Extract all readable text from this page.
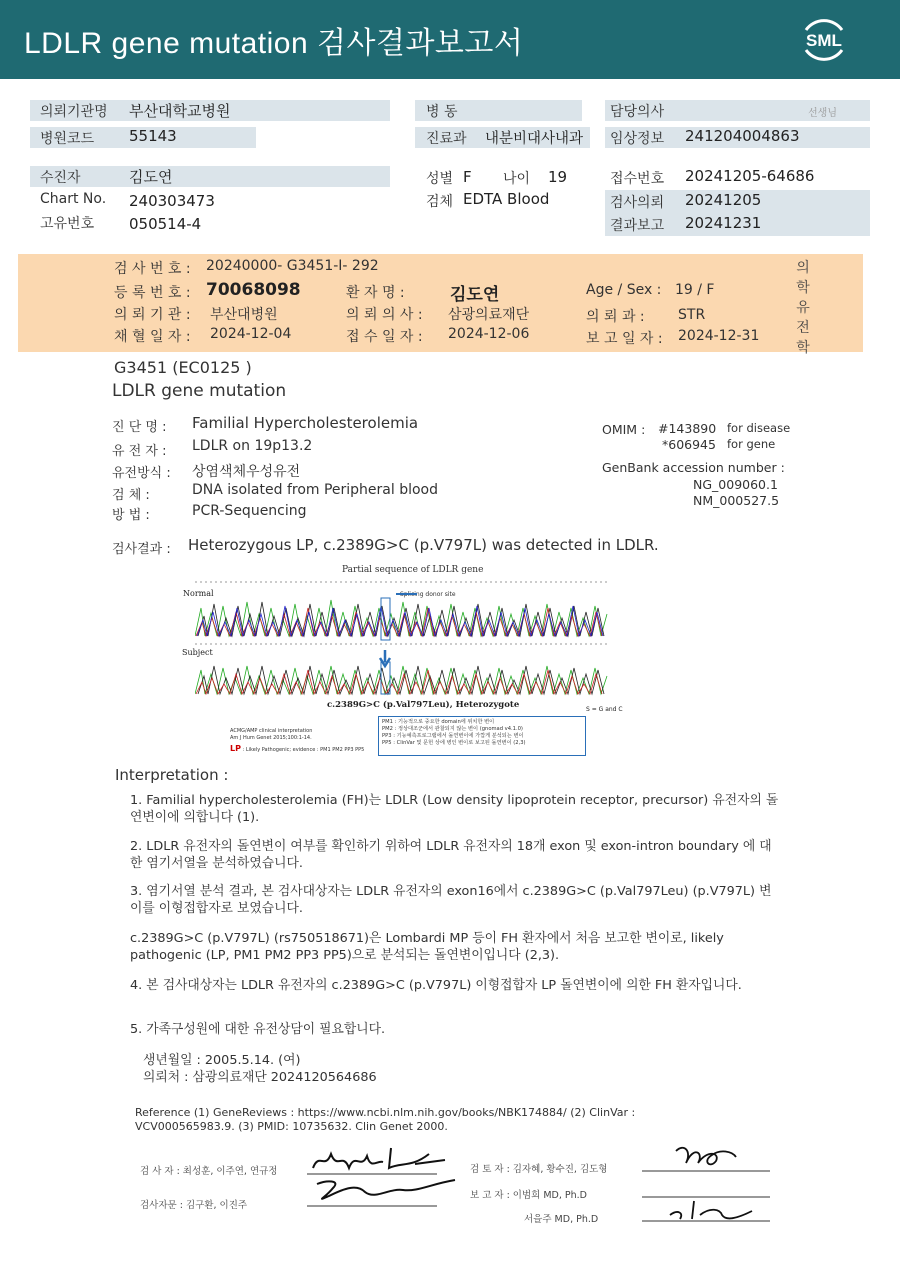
LDLR gene mutation 검사결과보고서	SML
의뢰기관명 부산대학교병원
병원코드 55143
병 동
진료과 내분비대사내과
담당의사	선생님
임상정보 241204004863
수진자	김도연
Chart No. 240303473
고유번호 050514-4
성별 F 나이 19
검체 EDTA Blood
접수번호 20241205-64686
검사의뢰 20241205
결과보고 20241231
검 사 번 호 : 20240000- G3451-I- 292
등 록 번 호 : 70068098	환 자 명 :	김도연	Age / Sex : 19 / F
의 뢰 기 관 : 부산대병원	의 뢰 의 사 : 삼광의료재단	의 뢰 과 : STR
채 혈 일 자 : 2024-12-04	접 수 일 자 : 2024-12-06	보 고 일 자 : 2024-12-31
의
학
유
전
학
G3451 (EC0125 )
LDLR gene mutation
진 단 명 : Familial Hypercholesterolemia
유 전 자 : LDLR on 19p13.2
유전방식 : 상염색체우성유전
검 체 :	DNA isolated from Peripheral blood
방 법 :	PCR-Sequencing
OMIM : #143890 for disease
*606945 for gene
GenBank accession number :
NG_009060.1
NM_000527.5
검사결과 : Heterozygous LP, c.2389G>C (p.V797L) was detected in LDLR.
Partial sequence of LDLR gene
Normal
Subject
Splicing donor site
c.2389G>C (p.Val797Leu), Heterozygote	S = G and C
ACMG/AMP clinical interpretation
Am J Hum Genet 2015;100:1-14.
LP : Likely Pathogenic; evidence : PM1 PM2 PP3 PP5
PM1 : 기능적으로 중요한 domain에 위치한 변이
PM2 : 정상대조군에서 관찰되지 않는 변이 (gnomad v4.1.0)
PP3 : 기능예측프로그램에서 돌연변이에 가깝게 분석되는 변이
PP5 : ClinVar 및 문헌 상에 병인 변이로 보고된 돌연변이 (2,3)
Interpretation :
1. Familial hypercholesterolemia (FH)는 LDLR (Low density lipoprotein receptor, precursor) 유전자의 돌연변이에 의합니다 (1).
2. LDLR 유전자의 돌연변이 여부를 확인하기 위하여 LDLR 유전자의 18개 exon 및 exon-intron boundary 에 대한 염기서열을 분석하였습니다.
3. 염기서열 분석 결과, 본 검사대상자는 LDLR 유전자의 exon16에서 c.2389G>C (p.Val797Leu) (p.V797L) 변이를 이형접합자로 보였습니다.
c.2389G>C (p.V797L) (rs750518671)은 Lombardi MP 등이 FH 환자에서 처음 보고한 변이로, likely pathogenic (LP, PM1 PM2 PP3 PP5)으로 분석되는 돌연변이입니다 (2,3).
4. 본 검사대상자는 LDLR 유전자의 c.2389G>C (p.V797L) 이형접합자 LP 돌연변이에 의한 FH 환자입니다.
5. 가족구성원에 대한 유전상담이 필요합니다.
생년월일 : 2005.5.14. (여)
의뢰처 : 삼광의료재단 2024120564686
Reference (1) GeneReviews : https://www.ncbi.nlm.nih.gov/books/NBK174884/ (2) ClinVar : VCV000565983.9. (3) PMID: 10735632. Clin Genet 2000.
검 사 자 : 최성훈, 이주연, 연규정
검사자문 : 김구환, 이진주
검 토 자 : 김자혜, 황수진, 김도형
보 고 자 : 이범희 MD, Ph.D
서을주 MD, Ph.D
